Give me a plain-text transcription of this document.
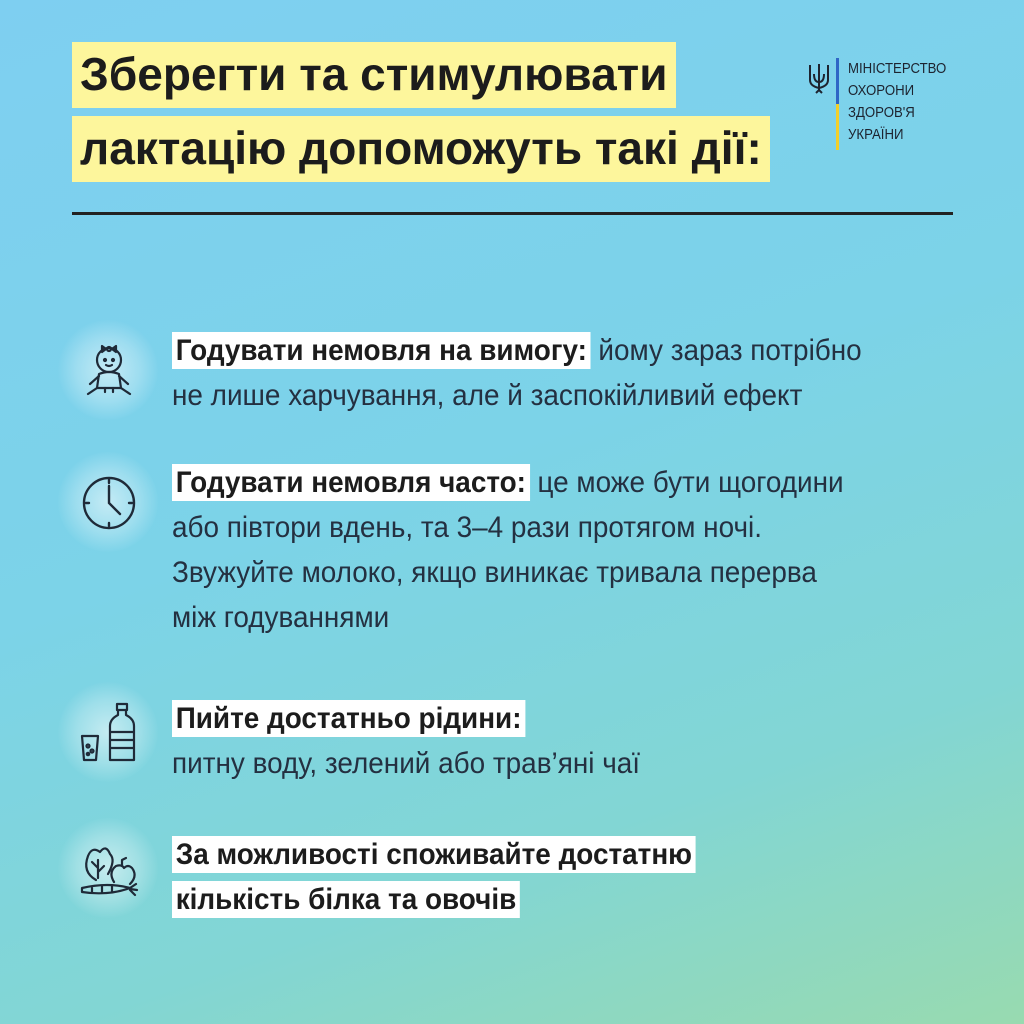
Зберегти та стимулювати
лактацію допоможуть такі дії:
МІНІСТЕРСТВО
ОХОРОНИ
ЗДОРОВ'Я
УКРАЇНИ
Годувати немовля на вимогу: йому зараз потрібно
не лише харчування, але й заспокійливий ефект
Годувати немовля часто: це може бути щогодини
або півтори вдень, та 3–4 рази протягом ночі.
Звужуйте молоко, якщо виникає тривала перерва
між годуваннями
Пийте достатньо рідини:
питну воду, зелений або трав’яні чаї
За можливості споживайте достатню
кількість білка та овочів
